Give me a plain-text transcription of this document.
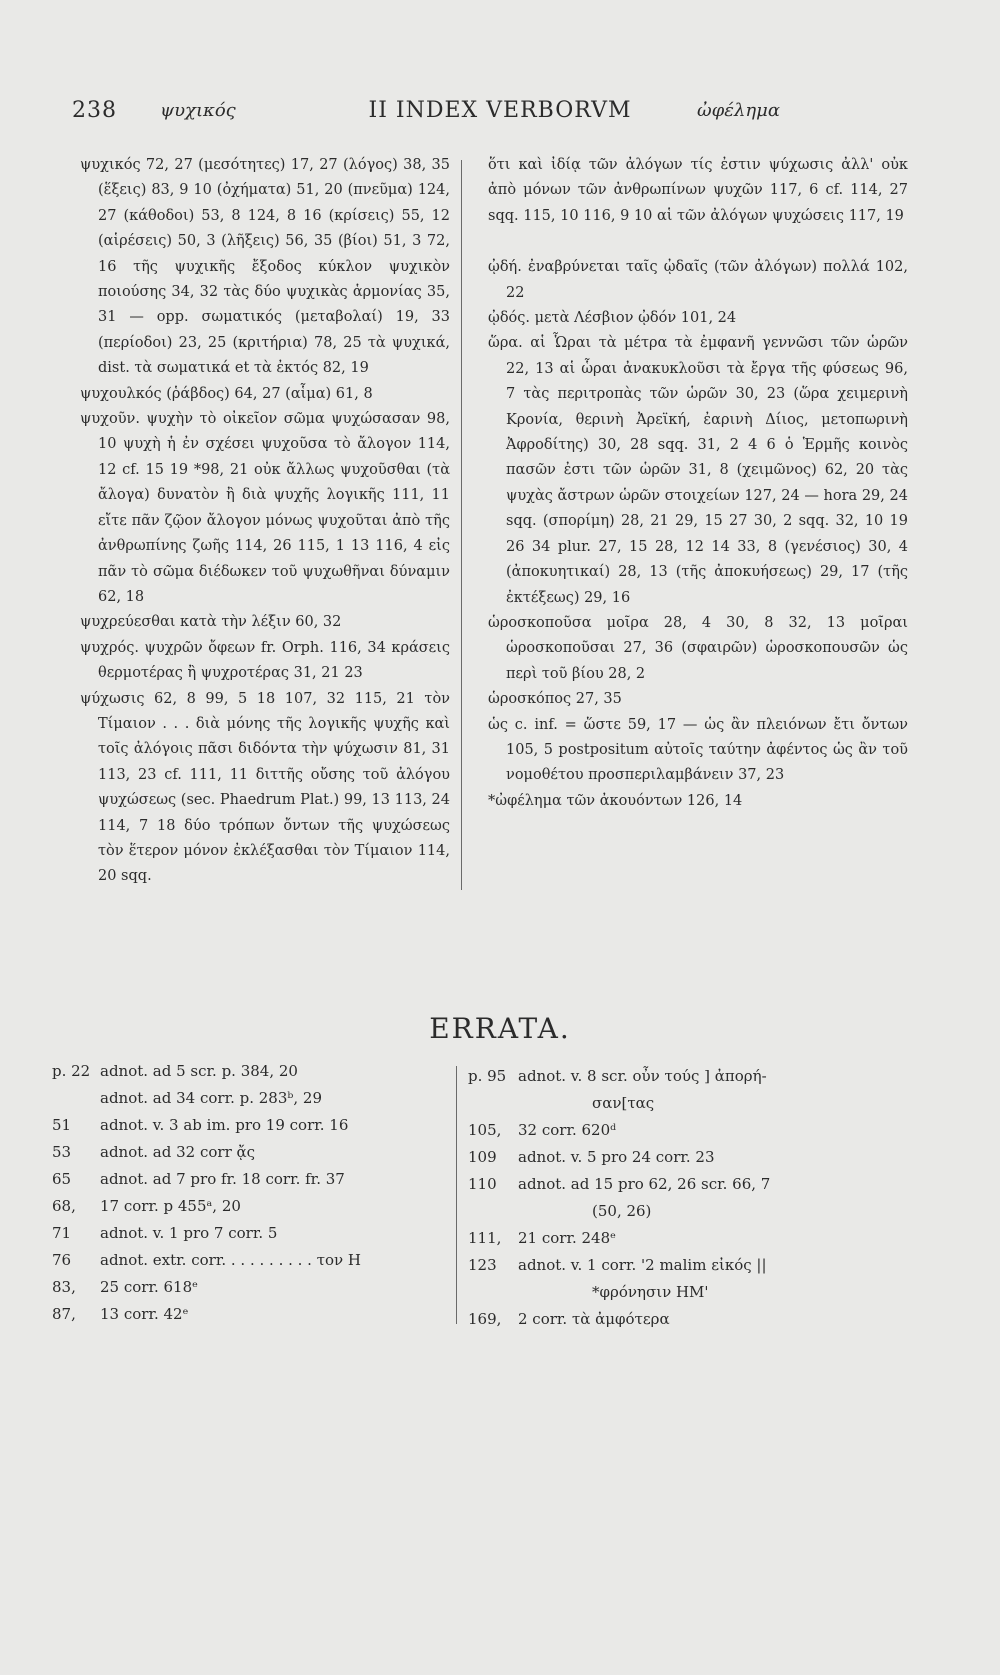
238 ψυχικός	II INDEX VERBORVM	ὠφέλημα

ψυχικός 72, 27 (μεσότητες) 17, 27 (λόγος) 38, 35 (ἕξεις) 83, 9 10 (ὀχήματα) 51, 20 (πνεῦμα) 124, 27 (κάθοδοι) 53, 8 124, 8 16 (κρίσεις) 55, 12 (αἱρέσεις) 50, 3 (λῆξεις) 56, 35 (βίοι) 51, 3 72, 16 τῆς ψυχικῆς ἔξοδος κύκλον ψυχικὸν ποιούσης 34, 32 τὰς δύο ψυχικὰς ἁρμονίας 35, 31 — opp. σωματικός (μεταβολαί) 19, 33 (περίοδοι) 23, 25 (κριτήρια) 78, 25 τὰ ψυχικά, dist. τὰ σωματικά et τὰ ἐκτός 82, 19

ψυχουλκός (ῥάβδος) 64, 27 (αἷμα) 61, 8

ψυχοῦν. ψυχὴν τὸ οἰκεῖον σῶμα ψυχώσασαν 98, 10 ψυχὴ ἡ ἐν σχέσει ψυχοῦσα τὸ ἄλογον 114, 12 cf. 15 19 *98, 21 οὐκ ἄλλως ψυχοῦσθαι (τὰ ἄλογα) δυνατὸν ἢ διὰ ψυχῆς λογικῆς 111, 11 εἴτε πᾶν ζῷον ἄλογον μόνως ψυχοῦται ἀπὸ τῆς ἀνθρωπίνης ζωῆς 114, 26 115, 1 13 116, 4 εἰς πᾶν τὸ σῶμα διέδωκεν τοῦ ψυχωθῆναι δύναμιν 62, 18

ψυχρεύεσθαι κατὰ τὴν λέξιν 60, 32

ψυχρός. ψυχρῶν ὄφεων fr. Orph. 116, 34 κράσεις θερμοτέρας ἢ ψυχροτέρας 31, 21 23

ψύχωσις 62, 8 99, 5 18 107, 32 115, 21 τὸν Τίμαιον . . . διὰ μόνης τῆς λογικῆς ψυχῆς καὶ τοῖς ἀλόγοις πᾶσι διδόντα τὴν ψύχωσιν 81, 31 113, 23 cf. 111, 11 διττῆς οὔσης τοῦ ἀλόγου ψυχώσεως (sec. Phaedrum Plat.) 99, 13 113, 24 114, 7 18 δύο τρόπων ὄντων τῆς ψυχώσεως τὸν ἕτερον μόνον ἐκλέξασθαι τὸν Τίμαιον 114, 20 sqq.

ὅτι καὶ ἰδίᾳ τῶν ἀλόγων τίς ἐστιν ψύχωσις ἀλλ' οὐκ ἀπὸ μόνων τῶν ἀνθρωπίνων ψυχῶν 117, 6 cf. 114, 27 sqq. 115, 10 116, 9 10 αἱ τῶν ἀλόγων ψυχώσεις 117, 19

ᾠδή. ἐναβρύνεται ταῖς ᾠδαῖς (τῶν ἀλόγων) πολλά 102, 22

ᾠδός. μετὰ Λέσβιον ᾠδόν 101, 24

ὥρα. αἱ Ὧραι τὰ μέτρα τὰ ἐμφανῆ γεννῶσι τῶν ὡρῶν 22, 13 αἱ ὧραι ἀνακυκλοῦσι τὰ ἔργα τῆς φύσεως 96, 7 τὰς περιτροπὰς τῶν ὡρῶν 30, 23 (ὥρα χειμερινὴ Κρονία, θερινὴ Ἀρεϊκή, ἐαρινὴ Δίιος, μετοπωρινὴ Ἀφροδίτης) 30, 28 sqq. 31, 2 4 6 ὁ Ἑρμῆς κοινὸς πασῶν ἐστι τῶν ὡρῶν 31, 8 (χειμῶνος) 62, 20 τὰς ψυχὰς ἄστρων ὡρῶν στοιχείων 127, 24 — hora 29, 24 sqq. (σπορίμη) 28, 21 29, 15 27 30, 2 sqq. 32, 10 19 26 34 plur. 27, 15 28, 12 14 33, 8 (γενέσιος) 30, 4 (ἀποκυητικαί) 28, 13 (τῆς ἀποκυήσεως) 29, 17 (τῆς ἐκτέξεως) 29, 16

ὡροσκοποῦσα μοῖρα 28, 4 30, 8 32, 13 μοῖραι ὡροσκοποῦσαι 27, 36 (σφαιρῶν) ὡροσκοπουσῶν ὡς περὶ τοῦ βίου 28, 2

ὡροσκόπος 27, 35

ὡς c. inf. = ὥστε 59, 17 — ὡς ἂν πλειόνων ἔτι ὄντων 105, 5 postpositum αὐτοῖς ταύτην ἀφέντος ὡς ἂν τοῦ νομοθέτου προσπεριλαμβάνειν 37, 23

*ὠφέλημα τῶν ἀκουόντων 126, 14

ERRATA.
p. 22 adnot. ad 5 scr. p. 384, 20
adnot. ad 34 corr. p. 283ᵇ, 29
51 adnot. v. 3 ab im. pro 19 corr. 16
53 adnot. ad 32 corr ᾄς
65 adnot. ad 7 pro fr. 18 corr. fr. 37
68, 17 corr. p 455ᵃ, 20
71 adnot. v. 1 pro 7 corr. 5
76 adnot. extr. corr. . . . . . . . . . τον H
83, 25 corr. 618ᵉ
87, 13 corr. 42ᵉ
p. 95 adnot. v. 8 scr. οὖν τούς ] ἀπορή-
σαν[τας
105, 32 corr. 620ᵈ
109 adnot. v. 5 pro 24 corr. 23
110 adnot. ad 15 pro 62, 26 scr. 66, 7
(50, 26)
111, 21 corr. 248ᵉ
123 adnot. v. 1 corr. '2 malim εἰκός ||
*φρόνησιν HM'
169, 2 corr. τὰ ἀμφότερα
